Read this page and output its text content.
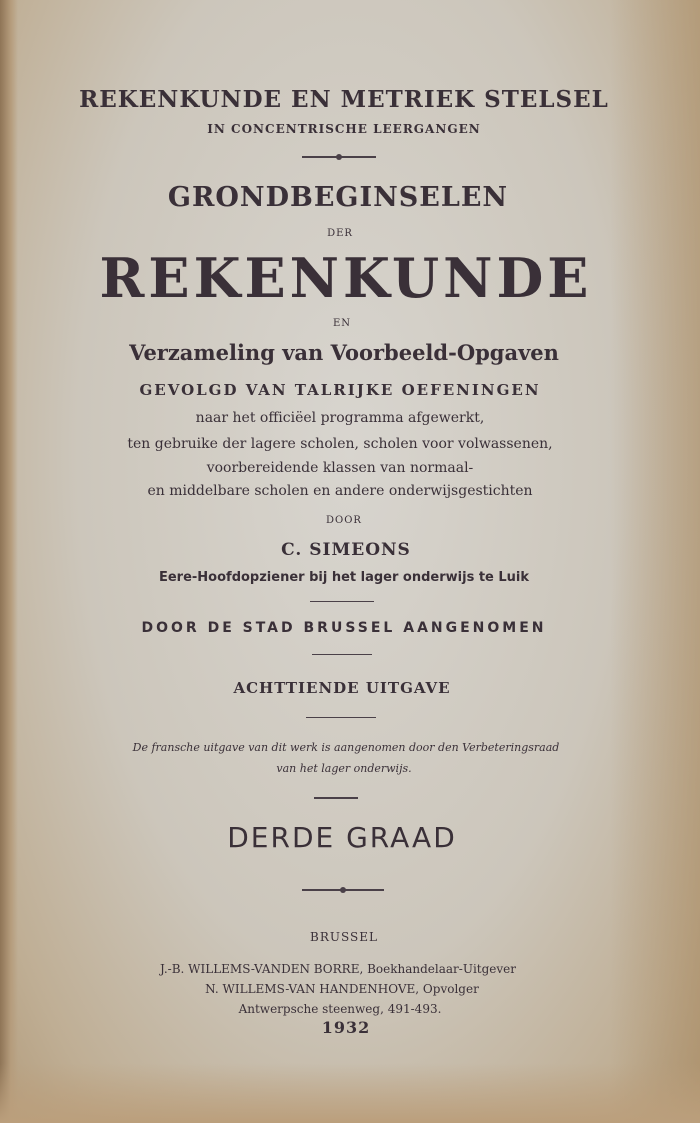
REKENKUNDE EN METRIEK STELSEL
IN CONCENTRISCHE LEERGANGEN
GRONDBEGINSELEN
DER
REKENKUNDE
EN
Verzameling van Voorbeeld-Opgaven
GEVOLGD VAN TALRIJKE OEFENINGEN
naar het officiëel programma afgewerkt,
ten gebruike der lagere scholen, scholen voor volwassenen,
voorbereidende klassen van normaal-
en middelbare scholen en andere onderwijsgestichten
DOOR
C. SIMEONS
Eere-Hoofdopziener bij het lager onderwijs te Luik
DOOR DE STAD BRUSSEL AANGENOMEN
ACHTTIENDE UITGAVE
De fransche uitgave van dit werk is aangenomen door den Verbeteringsraad
van het lager onderwijs.
DERDE GRAAD
BRUSSEL
J.-B. WILLEMS-VANDEN BORRE, Boekhandelaar-Uitgever
N. WILLEMS-VAN HANDENHOVE, Opvolger
Antwerpsche steenweg, 491-493.
1932
